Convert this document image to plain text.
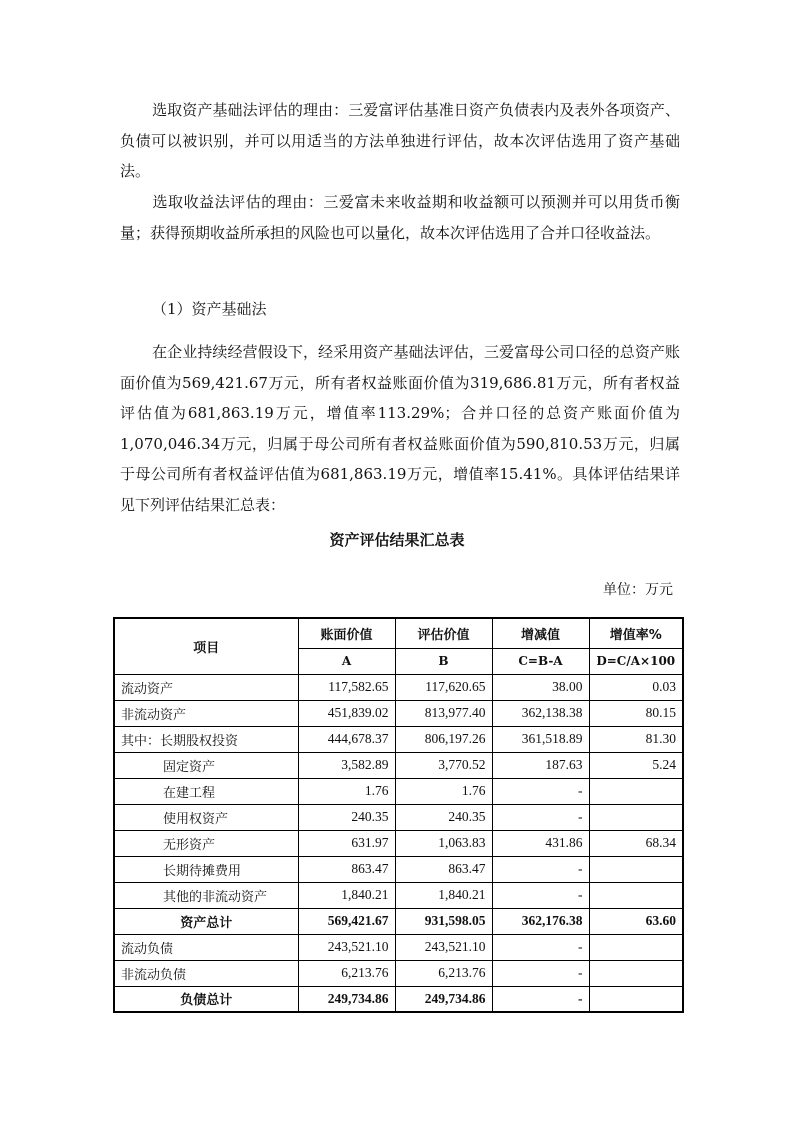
选取资产基础法评估的理由：三爱富评估基准日资产负债表内及表外各项资产、负债可以被识别，并可以用适当的方法单独进行评估，故本次评估选用了资产基础法。
选取收益法评估的理由：三爱富未来收益期和收益额可以预测并可以用货币衡量；获得预期收益所承担的风险也可以量化，故本次评估选用了合并口径收益法。
（1）资产基础法
在企业持续经营假设下，经采用资产基础法评估，三爱富母公司口径的总资产账面价值为569,421.67万元，所有者权益账面价值为319,686.81万元，所有者权益评估值为681,863.19万元，增值率113.29%；合并口径的总资产账面价值为1,070,046.34万元，归属于母公司所有者权益账面价值为590,810.53万元，归属于母公司所有者权益评估值为681,863.19万元，增值率15.41%。具体评估结果详见下列评估结果汇总表：
资产评估结果汇总表
单位：万元
项目	账面价值	评估价值	增减值	增值率%
	A	B	C=B-A	D=C/A×100
流动资产	117,582.65	117,620.65	38.00	0.03
非流动资产	451,839.02	813,977.40	362,138.38	80.15
其中：长期股权投资	444,678.37	806,197.26	361,518.89	81.30
固定资产	3,582.89	3,770.52	187.63	5.24
在建工程	1.76	1.76	-	
使用权资产	240.35	240.35	-	
无形资产	631.97	1,063.83	431.86	68.34
长期待摊费用	863.47	863.47	-	
其他的非流动资产	1,840.21	1,840.21	-	
资产总计	569,421.67	931,598.05	362,176.38	63.60
流动负债	243,521.10	243,521.10	-	
非流动负债	6,213.76	6,213.76	-	
负债总计	249,734.86	249,734.86	-	
